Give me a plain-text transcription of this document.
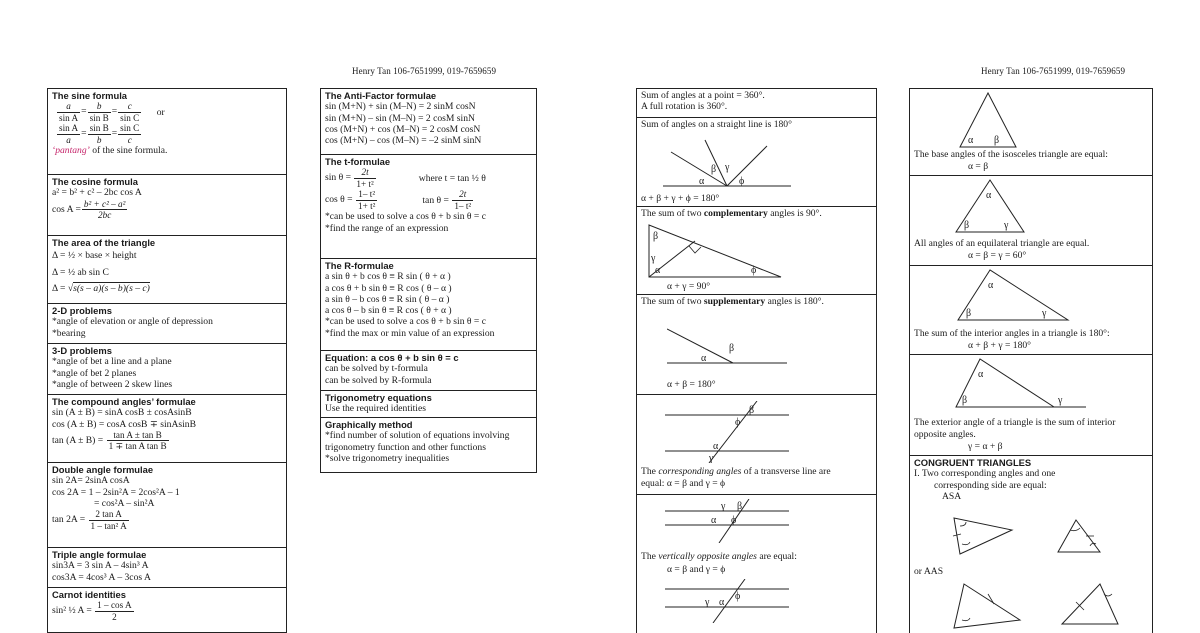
Henry Tan 106-7651999, 019-7659659	Henry Tan 106-7651999, 019-7659659
The sine formula
$\frac{a}{\text{sin A}} = \frac{b}{\text{sin B}} = \frac{c}{\text{sin C}}$ or
$\frac{\text{sin A}}{a} = \frac{\text{sin B}}{b} = \frac{\text{sin C}}{c}$
‘pantang’ of the sine formula.
The cosine formula
a² = b² + c² – 2bc cos A
$\cos A = \frac{\text{b² + c² – a²}}{2bc}$
The area of the triangle
Δ = ½ × base × height
Δ = ½ ab sin C
Δ = √s(s – a)(s – b)(s – c)
2-D problems
*angle of elevation or angle of depression
*bearing
3-D problems
*angle of bet a line and a plane
*angle of bet 2 planes
*angle of between 2 skew lines
The compound angles’ formulae
sin (A ± B) = sinA cosB ± cosAsinB
cos (A ± B) = cosA cosB ∓ sinAsinB
$\tan (A \pm B) = \frac{\text{tan A ± tan B}}{\text{1 ∓ tan A tan B}}$
Double angle formulae
sin 2A= 2sinA cosA
cos 2A = 1 – 2sin²A = 2cos²A – 1
= cos²A – sin²A
$\tan 2A = \frac{\text{2 tan A}}{\text{1 – tan² A}}$
Triple angle formulae
sin3A = 3 sin A – 4sin³ A
cos3A = 4cos³ A – 3cos A
Carnot identities
sin² ½ $A = \frac{\text{1 – cos A}}{2}$
The Anti-Factor formulae
sin (M+N) + sin (M–N) = 2 sinM cosN
sin (M+N) – sin (M–N) = 2 cosM sinN
cos (M+N) + cos (M–N) = 2 cosM cosN
cos (M+N) – cos (M–N) = –2 sinM sinN
The t-formulae
$\sin \theta = \frac{2t}{\text{1+ t²}}$	where t = tan ½ θ
$\cos \theta = \frac{\text{1– t²}}{\text{1+ t²}}$	$\tan \theta = \frac{2t}{\text{1– t²}}$
*can be used to solve a cos θ + b sin θ = c
*find the range of an expression
The R-formulae
a sin θ + b cos θ ≡ R sin ( θ + α )
a cos θ + b sin θ ≡ R cos ( θ – α )
a sin θ – b cos θ ≡ R sin ( θ – α )
a cos θ – b sin θ ≡ R cos ( θ + α )
*can be used to solve a cos θ + b sin θ = c
*find the max or min value of an expression
Equation: a cos θ + b sin θ = c
can be solved by t-formula
can be solved by R-formula
Trigonometry equations
Use the required identities
Graphically method
*find number of solution of equations involving
trigonometry function and other functions
*solve trigonometry inequalities
Sum of angles at a point = 360°.
A full rotation is 360°.
Sum of angles on a straight line is 180°
α
β γ
ϕ
α + β + γ + ϕ = 180°
The sum of two complementary angles is 90°.
β
γ
α	ϕ
α + γ = 90°
The sum of two supplementary angles is 180°.
α
β
α + β = 180°
β
ϕ
α
γ
The corresponding angles of a transverse line are
equal: α = β and γ = ϕ
γ β
α ϕ
The vertically opposite angles are equal:
α = β and γ = ϕ
ϕ
γ α
α β
The base angles of the isosceles triangle are equal:
α = β
α
β	γ
All angles of an equilateral triangle are equal.
α = β = γ = 60°
α
β	γ
The sum of the interior angles in a triangle is 180°:
α + β + γ = 180°
α
β	γ
The exterior angle of a triangle is the sum of interior
opposite angles.
γ = α + β
CONGRUENT TRIANGLES
I. Two corresponding angles and one
corresponding side are equal:
ASA
or AAS
